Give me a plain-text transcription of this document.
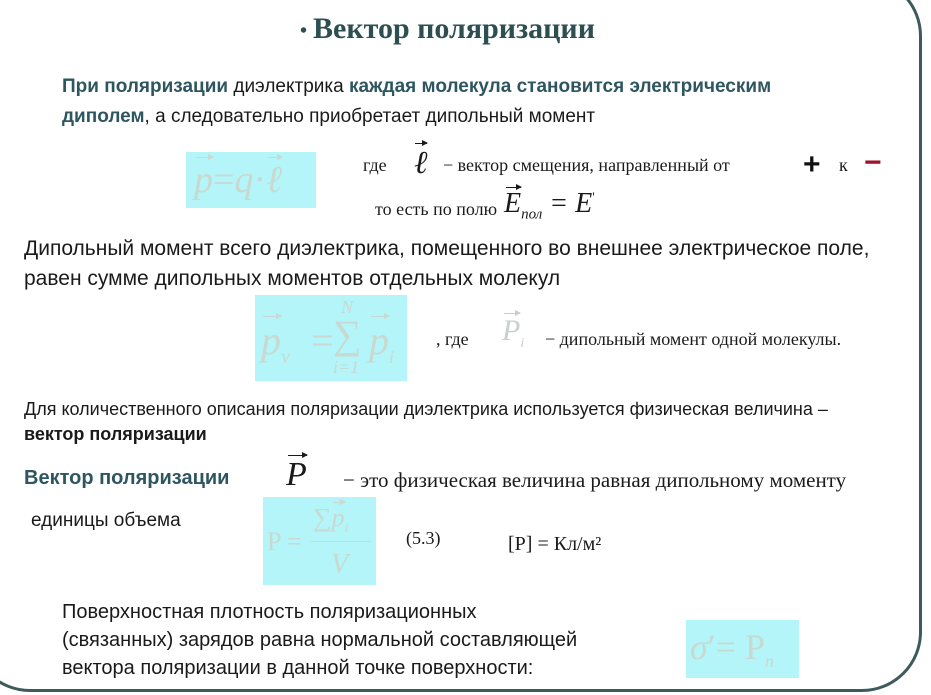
• Вектор поляризации
При поляризации диэлектрика каждая молекула становится электрическим
диполем, а следовательно приобретает дипольный момент
p=q·ℓ	где ℓ − вектор смещения, направленный от + к −
то есть по полю $E_{пол} = E'$
Дипольный момент всего диэлектрика, помещенного во внешнее электрическое поле,
равен сумме дипольных моментов отдельных молекул
$p_v$ =
N
∑
i=1
$p_i$
, где $P_i$ − дипольный момент одной молекулы.
Для количественного описания поляризации диэлектрика используется физическая величина –
вектор поляризации
Вектор поляризации P − это физическая величина равная дипольному моменту
единицы объема
P =
$\sum p_i$
V
(5.3)	[P] = Кл/м²
Поверхностная плотность поляризационных
(связанных) зарядов равна нормальной составляющей
вектора поляризации в данной точке поверхности:
$\sigma'= P_n$
